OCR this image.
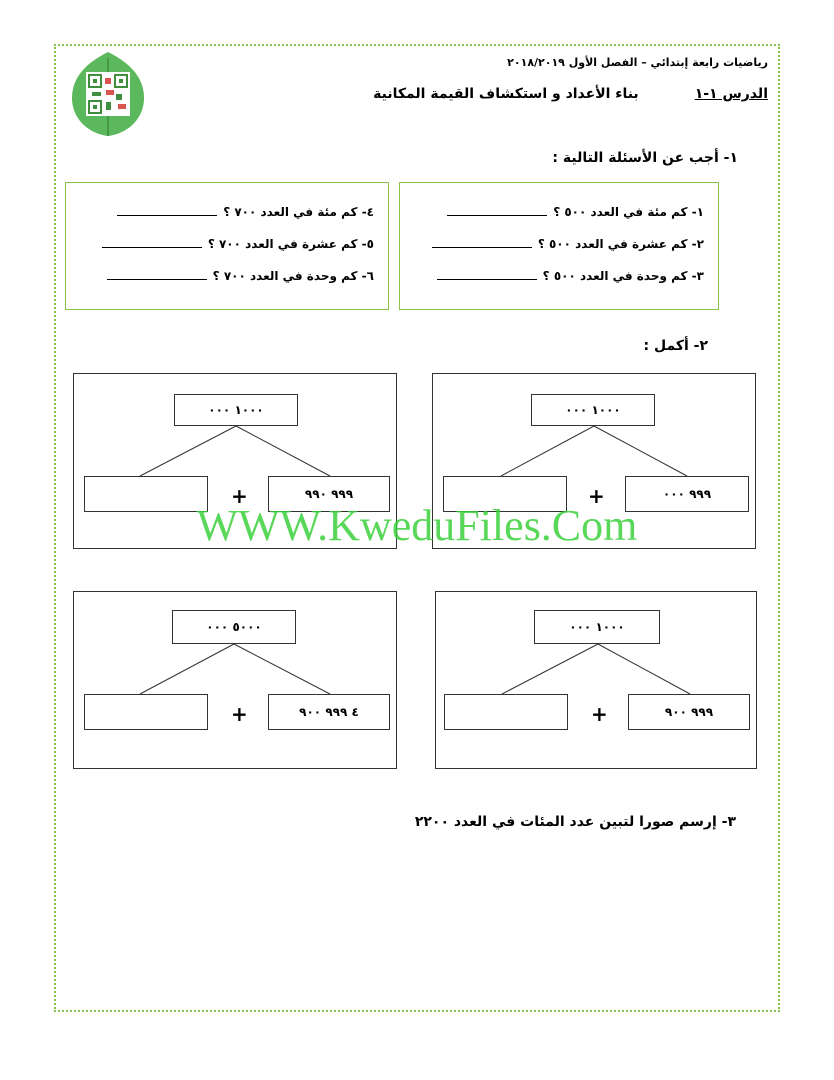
رياضيات رابعة إبتدائي – الفصل الأول ٢٠١٨/٢٠١٩
الدرس ١-١
بناء الأعداد و استكشاف القيمة المكانية
١- أجب عن الأسئلة التالية :
١- كم مئة في العدد ٥٠٠ ؟
٢- كم عشرة في العدد ٥٠٠ ؟
٣- كم وحدة في العدد ٥٠٠ ؟
٤- كم مئة في العدد ٧٠٠ ؟
٥- كم عشرة في العدد ٧٠٠ ؟
٦- كم وحدة في العدد ٧٠٠ ؟
٢- أكمل :
١٠٠٠ ٠٠٠
+	٩٩٩ ٠٠٠
١٠٠٠ ٠٠٠
+	٩٩٩ ٩٩٠
١٠٠٠ ٠٠٠
+	٩٩٩ ٩٠٠
٥٠٠٠ ٠٠٠
+	٤ ٩٩٩ ٩٠٠
WWW.KweduFiles.Com
٣- إرسم صورا لتبين عدد المئات في العدد ٢٢٠٠
